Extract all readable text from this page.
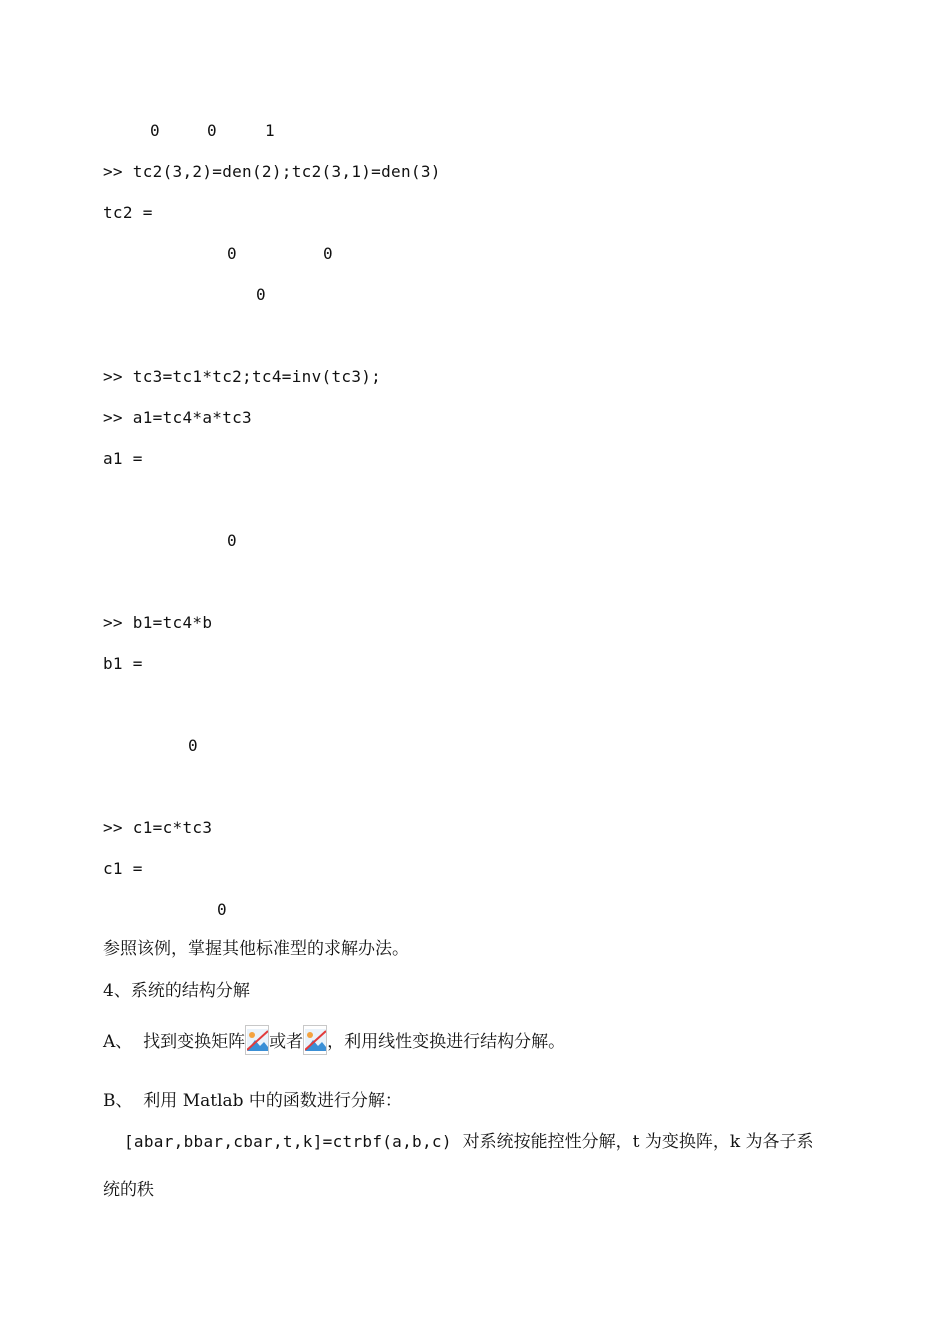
0	0	1
>> tc2(3,2)=den(2);tc2(3,1)=den(3)
tc2 =
0	0
0
>> tc3=tc1*tc2;tc4=inv(tc3);
>> a1=tc4*a*tc3
a1 =
0
>> b1=tc4*b
b1 =
0
>> c1=c*tc3
c1 =
0
参照该例，掌握其他标准型的求解办法。
4、系统的结构分解
A、  找到变换矩阵 或者 ，利用线性变换进行结构分解。
B、  利用 Matlab 中的函数进行分解：
[abar,bbar,cbar,t,k]=ctrbf(a,b,c)  对系统按能控性分解，t 为变换阵，k 为各子系
统的秩
